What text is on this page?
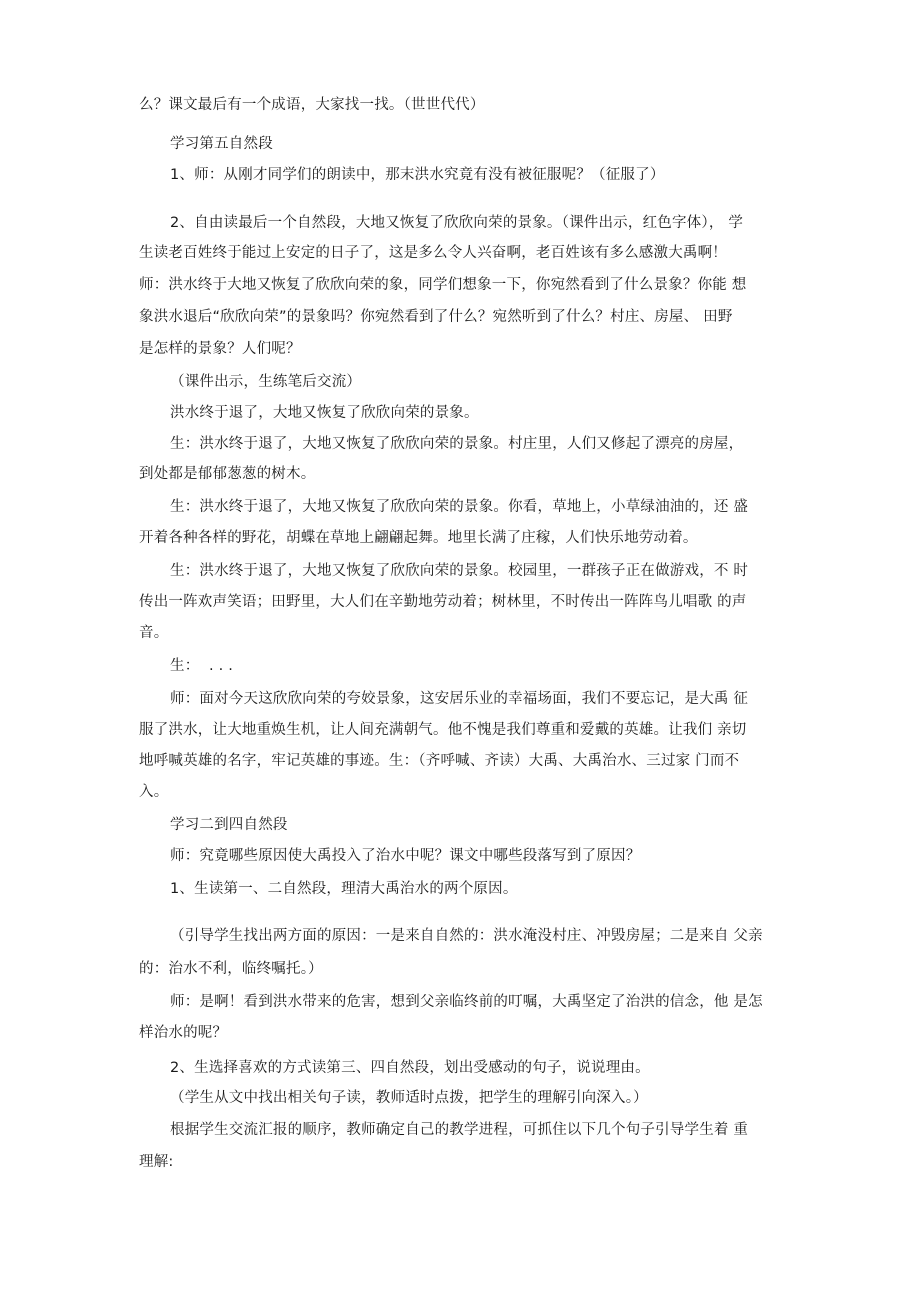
么？课文最后有一个成语，大家找一找。（世世代代）

学习第五自然段

1、师：从刚才同学们的朗读中，那末洪水究竟有没有被征服呢？（征服了）

2、自由读最后一个自然段，大地又恢复了欣欣向荣的景象。（课件出示，红色字体）， 学

生读老百姓终于能过上安定的日子了，这是多么令人兴奋啊，老百姓该有多么感激大禹啊！

师：洪水终于大地又恢复了欣欣向荣的象，同学们想象一下，你宛然看到了什么景象？你能 想

象洪水退后“欣欣向荣”的景象吗？你宛然看到了什么？宛然听到了什么？村庄、房屋、 田野

是怎样的景象？人们呢？

（课件出示，生练笔后交流）

洪水终于退了，大地又恢复了欣欣向荣的景象。

生：洪水终于退了，大地又恢复了欣欣向荣的景象。村庄里，人们又修起了漂亮的房屋，

到处都是郁郁葱葱的树木。

生：洪水终于退了，大地又恢复了欣欣向荣的景象。你看，草地上，小草绿油油的，还 盛

开着各种各样的野花，胡蝶在草地上翩翩起舞。地里长满了庄稼，人们快乐地劳动着。

生：洪水终于退了，大地又恢复了欣欣向荣的景象。校园里，一群孩子正在做游戏，不 时

传出一阵欢声笑语；田野里，大人们在辛勤地劳动着；树林里，不时传出一阵阵鸟儿唱歌 的声

音。

生：  . . .

师：面对今天这欣欣向荣的夸姣景象，这安居乐业的幸福场面，我们不要忘记，是大禹 征

服了洪水，让大地重焕生机，让人间充满朝气。他不愧是我们尊重和爱戴的英雄。让我们 亲切

地呼喊英雄的名字，牢记英雄的事迹。生：（齐呼喊、齐读）大禹、大禹治水、三过家 门而不

入。

学习二到四自然段

师：究竟哪些原因使大禹投入了治水中呢？课文中哪些段落写到了原因？

1、生读第一、二自然段，理清大禹治水的两个原因。

（引导学生找出两方面的原因：一是来自自然的：洪水淹没村庄、冲毁房屋；二是来自 父亲

的：治水不利，临终嘱托。）

师：是啊！看到洪水带来的危害，想到父亲临终前的叮嘱，大禹坚定了治洪的信念，他 是怎

样治水的呢？

2、生选择喜欢的方式读第三、四自然段，划出受感动的句子，说说理由。

（学生从文中找出相关句子读，教师适时点拨，把学生的理解引向深入。）

根据学生交流汇报的顺序，教师确定自己的教学进程，可抓住以下几个句子引导学生着 重

理解:
